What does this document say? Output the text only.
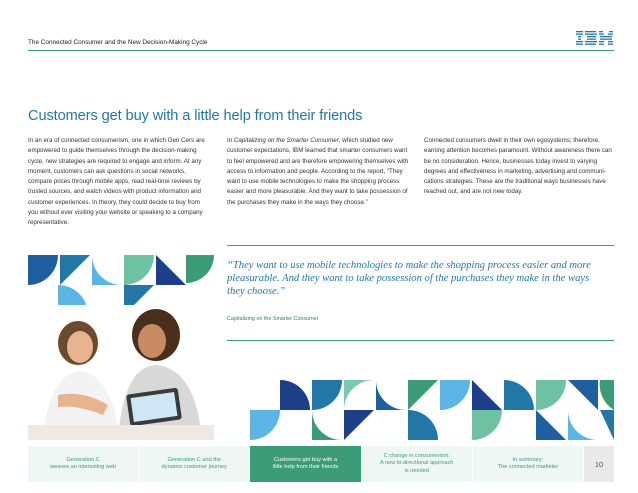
The Connected Consumer and the New Decision-Making Cycle
Customers get buy with a little help from their friends
In an era of connected consumerism, one in which Gen Cers are empowered to guide themselves through the decision-making cycle, new strategies are required to engage and inform. At any moment, customers can ask questions in social networks, compare prices through mobile apps, read real-time reviews by trusted sources, and watch videos with product information and customer experiences. In theory, they could decide to buy from you without ever visiting your website or speaking to a company representative.
In Capitalizing on the Smarter Consumer, which studied new customer expectations, IBM learned that smarter consumers want to feel empowered and are therefore empowering themselves with access to information and people. According to the report, “They want to use mobile technologies to make the shopping process easier and more pleasurable. And they want to take possession of the purchases they make in the ways they choose.”
Connected consumers dwell in their own egosystems; therefore, earning attention becomes paramount. Without awareness there can be no consideration. Hence, businesses today invest to varying degrees and effectiveness in marketing, advertising and communi-cations strategies. These are the traditional ways businesses have reached out, and are not new today.
“They want to use mobile technologies to make the shopping process easier and more pleasurable. And they want to take possession of the purchases they make in the ways they choose.”
Capitalizing on the Smarter Consumer
Generation C
weaves an interesting web
Generation C and the
dynamic customer journey
Customers get buy with a
little help from their friends
C change in consumerism:
A new bi-directional approach
is needed
In summary:
The connected marketer	10
